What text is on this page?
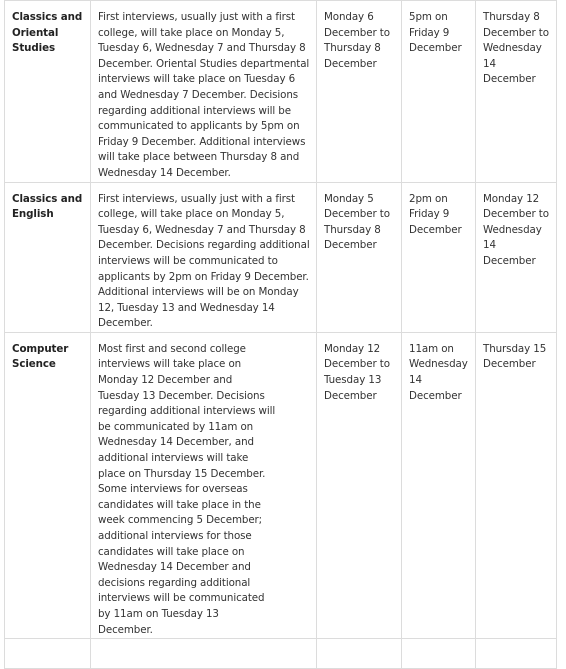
Classics and Oriental Studies	First interviews, usually just with a first college, will take place on Monday 5, Tuesday 6, Wednesday 7 and Thursday 8 December. Oriental Studies departmental interviews will take place on Tuesday 6 and Wednesday 7 December. Decisions regarding additional interviews will be communicated to applicants by 5pm on Friday 9 December. Additional interviews will take place between Thursday 8 and Wednesday 14 December.	Monday 6 December to Thursday 8 December	5pm on Friday 9 December	Thursday 8 December to Wednesday 14 December
Classics and English	First interviews, usually just with a first college, will take place on Monday 5, Tuesday 6, Wednesday 7 and Thursday 8 December. Decisions regarding additional interviews will be communicated to applicants by 2pm on Friday 9 December. Additional interviews will be on Monday 12, Tuesday 13 and Wednesday 14 December.	Monday 5 December to Thursday 8 December	2pm on Friday 9 December	Monday 12 December to Wednesday 14 December
Computer Science	Most first and second college interviews will take place on Monday 12 December and Tuesday 13 December. Decisions regarding additional interviews will be communicated by 11am on Wednesday 14 December, and additional interviews will take place on Thursday 15 December. Some interviews for overseas candidates will take place in the week commencing 5 December; additional interviews for those candidates will take place on Wednesday 14 December and decisions regarding additional interviews will be communicated by 11am on Tuesday 13 December.	Monday 12 December to Tuesday 13 December	11am on Wednesday 14 December	Thursday 15 December
